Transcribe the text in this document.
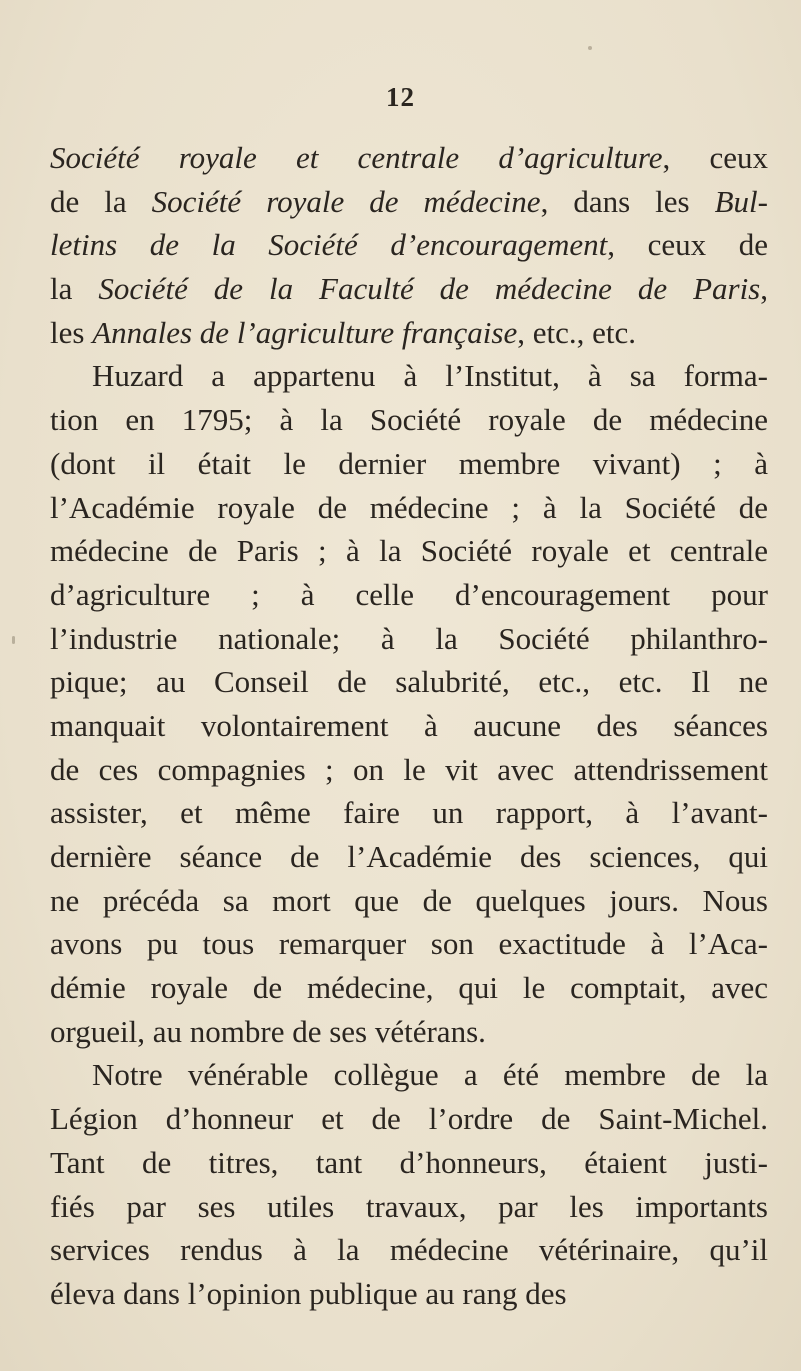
12
Société royale et centrale d’agriculture, ceux
de la Société royale de médecine, dans les Bul-
letins de la Société d’encouragement, ceux de
la Société de la Faculté de médecine de Paris,
les Annales de l’agriculture française, etc., etc.
Huzard a appartenu à l’Institut, à sa forma-
tion en 1795; à la Société royale de médecine
(dont il était le dernier membre vivant) ; à
l’Académie royale de médecine ; à la Société de
médecine de Paris ; à la Société royale et centrale
d’agriculture ; à celle d’encouragement pour
l’industrie nationale; à la Société philanthro-
pique; au Conseil de salubrité, etc., etc. Il ne
manquait volontairement à aucune des séances
de ces compagnies ; on le vit avec attendrissement
assister, et même faire un rapport, à l’avant-
dernière séance de l’Académie des sciences, qui
ne précéda sa mort que de quelques jours. Nous
avons pu tous remarquer son exactitude à l’Aca-
démie royale de médecine, qui le comptait, avec
orgueil, au nombre de ses vétérans.
Notre vénérable collègue a été membre de la
Légion d’honneur et de l’ordre de Saint-Michel.
Tant de titres, tant d’honneurs, étaient justi-
fiés par ses utiles travaux, par les importants
services rendus à la médecine vétérinaire, qu’il
éleva dans l’opinion publique au rang des
